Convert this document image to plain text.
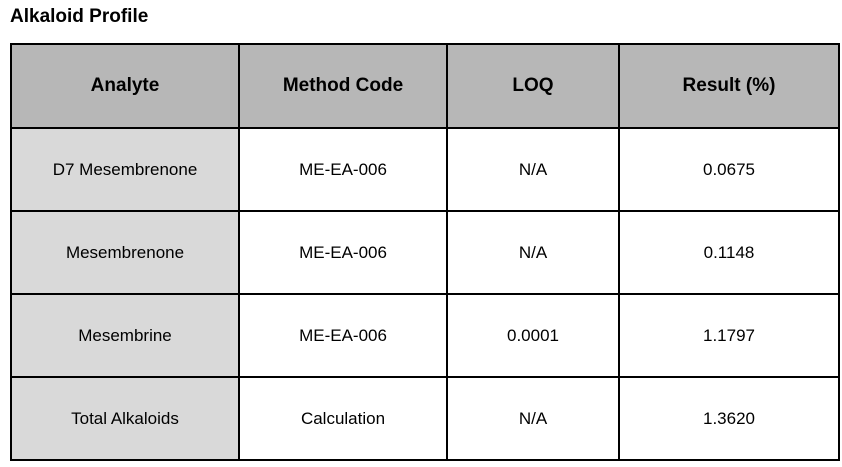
Alkaloid Profile
Analyte	Method Code	LOQ	Result (%)
D7 Mesembrenone	ME-EA-006	N/A	0.0675
Mesembrenone	ME-EA-006	N/A	0.1148
Mesembrine	ME-EA-006	0.0001	1.1797
Total Alkaloids	Calculation	N/A	1.3620
